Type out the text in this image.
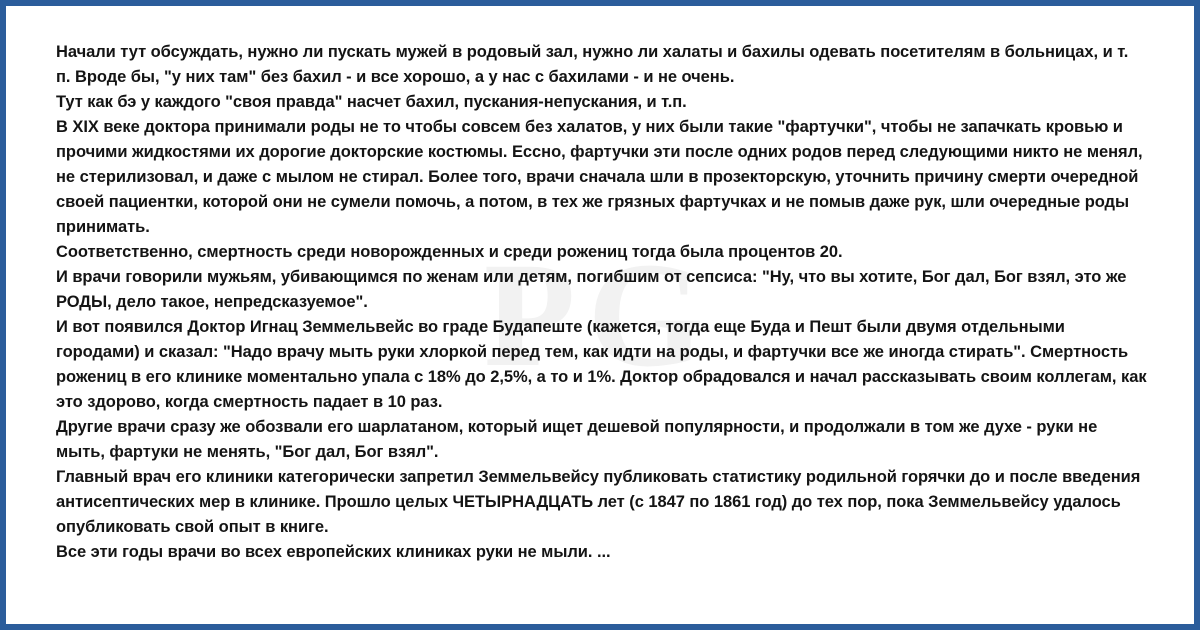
PG

Начали тут обсуждать, нужно ли пускать мужей в родовый зал, нужно ли халаты и бахилы одевать посетителям в больницах, и т.

п. Вроде бы, "у них там" без бахил - и все хорошо, а у нас с бахилами - и не очень.

Тут как бэ у каждого "своя правда" насчет бахил, пускания-непускания, и т.п.

В XIX веке доктора принимали роды не то чтобы совсем без халатов, у них были такие "фартучки", чтобы не запачкать кровью и прочими жидкостями их дорогие докторские костюмы. Ессно, фартучки эти после одних родов перед следующими никто не менял, не стерилизовал, и даже с мылом не стирал. Более того, врачи сначала шли в прозекторскую, уточнить причину смерти очередной своей пациентки, которой они не сумели помочь, а потом, в тех же грязных фартучках и не помыв даже рук, шли очередные роды принимать.

Соответственно, смертность среди новорожденных и среди рожениц тогда была процентов 20.

И врачи говорили мужьям, убивающимся по женам или детям, погибшим от сепсиса: "Ну, что вы хотите, Бог дал, Бог взял, это же РОДЫ, дело такое, непредсказуемое".

И вот появился Доктор Игнац Земмельвейс во граде Будапеште (кажется, тогда еще Буда и Пешт были двумя отдельными городами) и сказал: "Надо врачу мыть руки хлоркой перед тем, как идти на роды, и фартучки все же иногда стирать". Смертность рожениц в его клинике моментально упала с 18% до 2,5%, а то и 1%. Доктор обрадовался и начал рассказывать своим коллегам, как это здорово, когда смертность падает в 10 раз.

Другие врачи сразу же обозвали его шарлатаном, который ищет дешевой популярности, и продолжали в том же духе - руки не мыть, фартуки не менять, "Бог дал, Бог взял".

Главный врач его клиники категорически запретил Земмельвейсу публиковать статистику родильной горячки до и после введения антисептических мер в клинике. Прошло целых ЧЕТЫРНАДЦАТЬ лет (с 1847 по 1861 год) до тех пор, пока Земмельвейсу удалось опубликовать свой опыт в книге.

Все эти годы врачи во всех европейских клиниках руки не мыли. ...
